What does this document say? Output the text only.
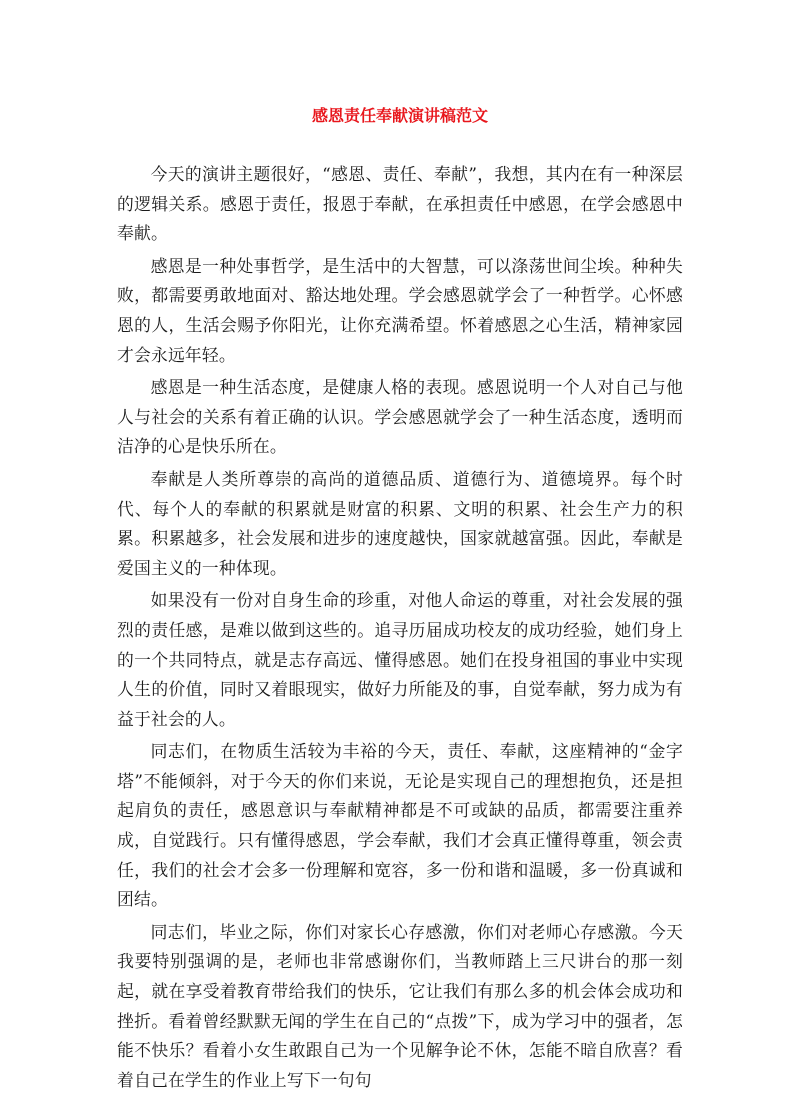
感恩责任奉献演讲稿范文

今天的演讲主题很好，“感恩、责任、奉献”，我想，其内在有一种深层的逻辑关系。感恩于责任，报恩于奉献，在承担责任中感恩，在学会感恩中奉献。

感恩是一种处事哲学，是生活中的大智慧，可以涤荡世间尘埃。种种失败，都需要勇敢地面对、豁达地处理。学会感恩就学会了一种哲学。心怀感恩的人，生活会赐予你阳光，让你充满希望。怀着感恩之心生活，精神家园才会永远年轻。

感恩是一种生活态度，是健康人格的表现。感恩说明一个人对自己与他人与社会的关系有着正确的认识。学会感恩就学会了一种生活态度，透明而洁净的心是快乐所在。

奉献是人类所尊崇的高尚的道德品质、道德行为、道德境界。每个时代、每个人的奉献的积累就是财富的积累、文明的积累、社会生产力的积累。积累越多，社会发展和进步的速度越快，国家就越富强。因此，奉献是爱国主义的一种体现。

如果没有一份对自身生命的珍重，对他人命运的尊重，对社会发展的强烈的责任感，是难以做到这些的。追寻历届成功校友的成功经验，她们身上的一个共同特点，就是志存高远、懂得感恩。她们在投身祖国的事业中实现人生的价值，同时又着眼现实，做好力所能及的事，自觉奉献，努力成为有益于社会的人。

同志们，在物质生活较为丰裕的今天，责任、奉献，这座精神的“金字塔”不能倾斜，对于今天的你们来说，无论是实现自己的理想抱负，还是担起肩负的责任，感恩意识与奉献精神都是不可或缺的品质，都需要注重养成，自觉践行。只有懂得感恩，学会奉献，我们才会真正懂得尊重，领会责任，我们的社会才会多一份理解和宽容，多一份和谐和温暖，多一份真诚和团结。

同志们，毕业之际，你们对家长心存感激，你们对老师心存感激。今天我要特别强调的是，老师也非常感谢你们，当教师踏上三尺讲台的那一刻起，就在享受着教育带给我们的快乐，它让我们有那么多的机会体会成功和挫折。看着曾经默默无闻的学生在自己的“点拨”下，成为学习中的强者，怎能不快乐？看着小女生敢跟自己为一个见解争论不休，怎能不暗自欣喜？看着自己在学生的作业上写下一句句
